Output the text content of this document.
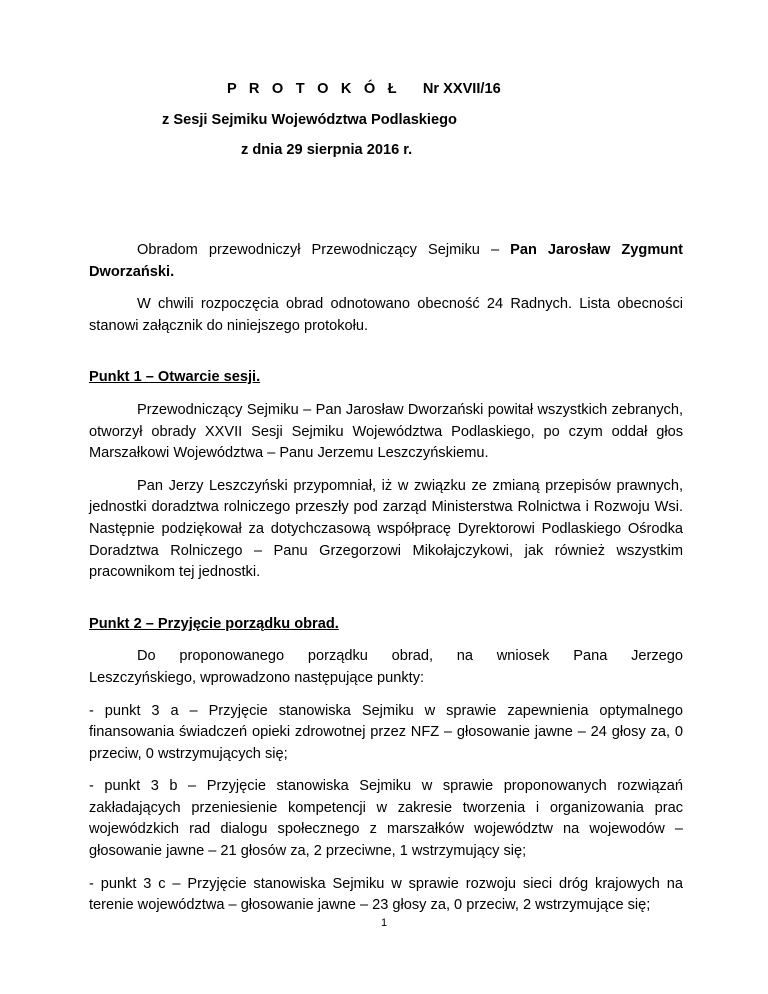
P R O T O K Ó Ł Nr XXVII/16
z Sesji Sejmiku Województwa Podlaskiego
z dnia 29 sierpnia 2016 r.

Obradom przewodniczył Przewodniczący Sejmiku – Pan Jarosław Zygmunt Dworzański.

W chwili rozpoczęcia obrad odnotowano obecność 24 Radnych. Lista obecności stanowi załącznik do niniejszego protokołu.

Punkt 1 – Otwarcie sesji.

Przewodniczący Sejmiku – Pan Jarosław Dworzański powitał wszystkich zebranych, otworzył obrady XXVII Sesji Sejmiku Województwa Podlaskiego, po czym oddał głos Marszałkowi Województwa – Panu Jerzemu Leszczyńskiemu.

Pan Jerzy Leszczyński przypomniał, iż w związku ze zmianą przepisów prawnych, jednostki doradztwa rolniczego przeszły pod zarząd Ministerstwa Rolnictwa i Rozwoju Wsi. Następnie podziękował za dotychczasową współpracę Dyrektorowi Podlaskiego Ośrodka Doradztwa Rolniczego – Panu Grzegorzowi Mikołajczykowi, jak również wszystkim pracownikom tej jednostki.

Punkt 2 – Przyjęcie porządku obrad.

Do proponowanego porządku obrad, na wniosek Pana Jerzego

Leszczyńskiego, wprowadzono następujące punkty:

- punkt 3 a – Przyjęcie stanowiska Sejmiku w sprawie zapewnienia optymalnego finansowania świadczeń opieki zdrowotnej przez NFZ – głosowanie jawne – 24 głosy za, 0 przeciw, 0 wstrzymujących się;

- punkt 3 b – Przyjęcie stanowiska Sejmiku w sprawie proponowanych rozwiązań zakładających przeniesienie kompetencji w zakresie tworzenia i organizowania prac wojewódzkich rad dialogu społecznego z marszałków województw na wojewodów – głosowanie jawne – 21 głosów za, 2 przeciwne, 1 wstrzymujący się;

- punkt 3 c – Przyjęcie stanowiska Sejmiku w sprawie rozwoju sieci dróg krajowych na terenie województwa – głosowanie jawne – 23 głosy za, 0 przeciw, 2 wstrzymujące się;

1
